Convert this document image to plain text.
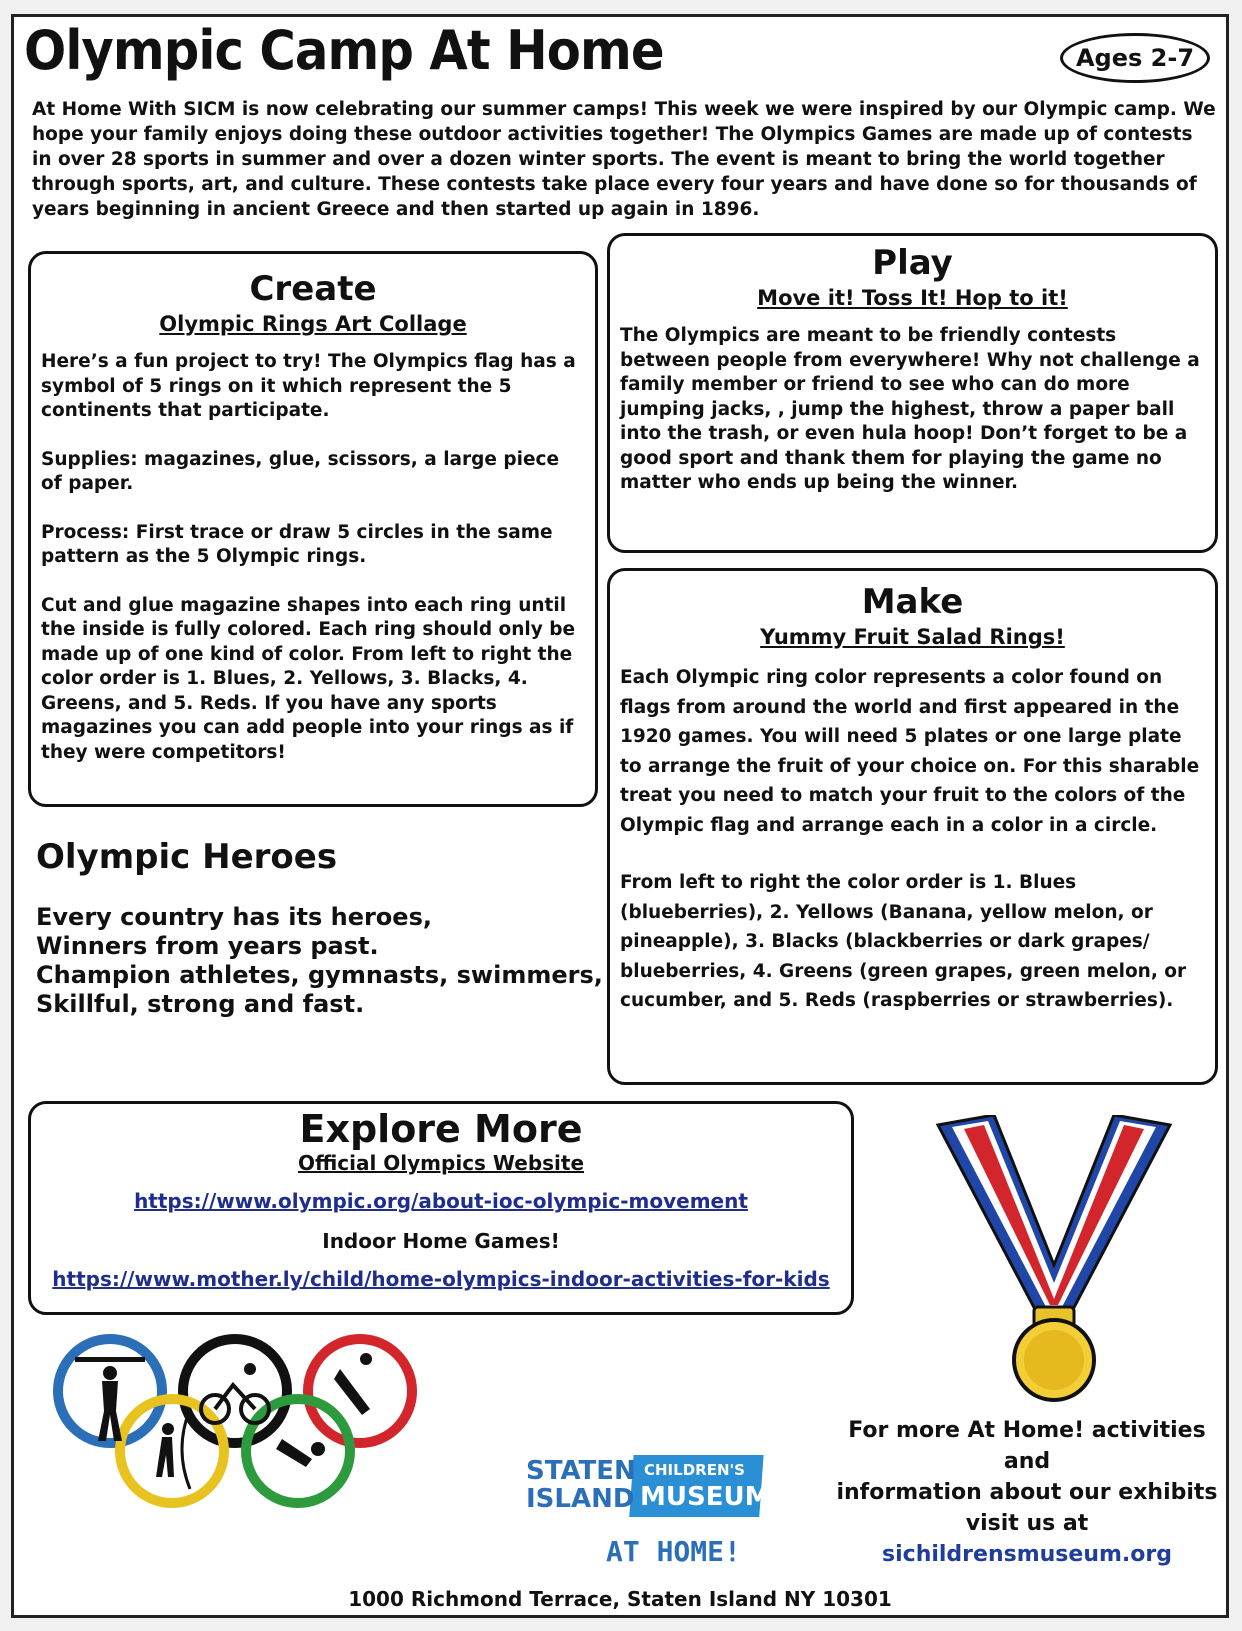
Olympic Camp At Home	Ages 2-7

At Home With SICM is now celebrating our summer camps! This week we were inspired by our Olympic camp. We hope your family enjoys doing these outdoor activities together! The Olympics Games are made up of contests in over 28 sports in summer and over a dozen winter sports. The event is meant to bring the world together through sports, art, and culture. These contests take place every four years and have done so for thousands of years beginning in ancient Greece and then started up again in 1896.

Create
Olympic Rings Art Collage

Here’s a fun project to try! The Olympics flag has a symbol of 5 rings on it which represent the 5 continents that participate.

Supplies: magazines, glue, scissors, a large piece of paper.

Process: First trace or draw 5 circles in the same pattern as the 5 Olympic rings.

Cut and glue magazine shapes into each ring until the inside is fully colored. Each ring should only be made up of one kind of color. From left to right the color order is 1. Blues, 2. Yellows, 3. Blacks, 4. Greens, and 5. Reds. If you have any sports magazines you can add people into your rings as if they were competitors!

Play
Move it! Toss It! Hop to it!

The Olympics are meant to be friendly contests between people from everywhere! Why not challenge a family member or friend to see who can do more jumping jacks, , jump the highest, throw a paper ball into the trash, or even hula hoop! Don’t forget to be a good sport and thank them for playing the game no matter who ends up being the winner.

Make
Yummy Fruit Salad Rings!

Each Olympic ring color represents a color found on flags from around the world and first appeared in the 1920 games. You will need 5 plates or one large plate to arrange the fruit of your choice on. For this sharable treat you need to match your fruit to the colors of the Olympic flag and arrange each in a color in a circle.

From left to right the color order is 1. Blues (blueberries), 2. Yellows (Banana, yellow melon, or pineapple), 3. Blacks (blackberries or dark grapes/ blueberries, 4. Greens (green grapes, green melon, or cucumber, and 5. Reds (raspberries or strawberries).

Olympic Heroes
Every country has its heroes,
Winners from years past.
Champion athletes, gymnasts, swimmers,
Skillful, strong and fast.
Explore More
Official Olympics Website
https://www.olympic.org/about-ioc-olympic-movement
Indoor Home Games!
https://www.mother.ly/child/home-olympics-indoor-activities-for-kids
STATEN
ISLAND
CHILDREN'S
MUSEUM
AT HOME!
For more At Home! activities and
information about our exhibits
visit us at
sichildrensmuseum.org
1000 Richmond Terrace, Staten Island NY 10301
